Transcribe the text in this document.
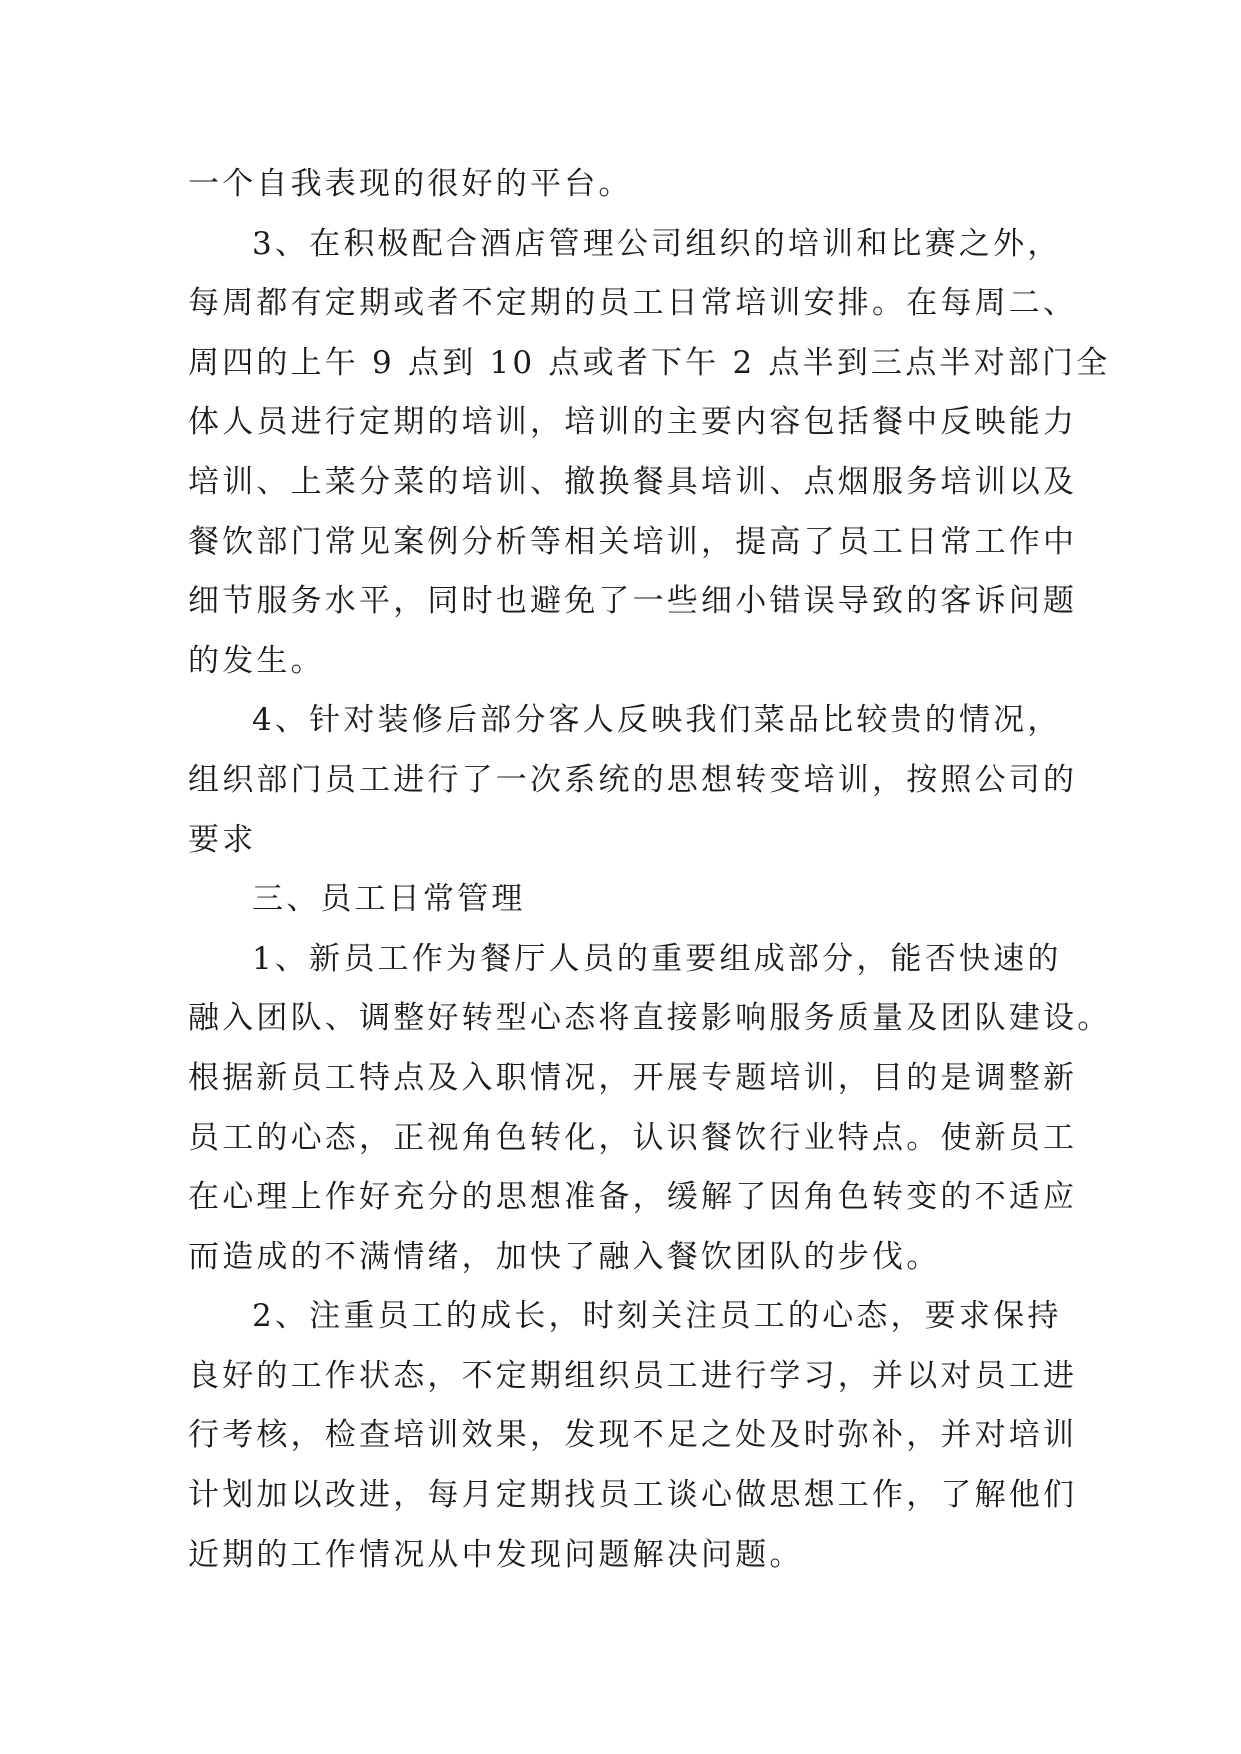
一个自我表现的很好的平台。
3、在积极配合酒店管理公司组织的培训和比赛之外，
每周都有定期或者不定期的员工日常培训安排。在每周二、
周四的上午 9 点到 10 点或者下午 2 点半到三点半对部门全
体人员进行定期的培训，培训的主要内容包括餐中反映能力
培训、上菜分菜的培训、撤换餐具培训、点烟服务培训以及
餐饮部门常见案例分析等相关培训，提高了员工日常工作中
细节服务水平，同时也避免了一些细小错误导致的客诉问题
的发生。
4、针对装修后部分客人反映我们菜品比较贵的情况，
组织部门员工进行了一次系统的思想转变培训，按照公司的
要求
三、员工日常管理
1、新员工作为餐厅人员的重要组成部分，能否快速的
融入团队、调整好转型心态将直接影响服务质量及团队建设。
根据新员工特点及入职情况，开展专题培训，目的是调整新
员工的心态，正视角色转化，认识餐饮行业特点。使新员工
在心理上作好充分的思想准备，缓解了因角色转变的不适应
而造成的不满情绪，加快了融入餐饮团队的步伐。
2、注重员工的成长，时刻关注员工的心态，要求保持
良好的工作状态，不定期组织员工进行学习，并以对员工进
行考核，检查培训效果，发现不足之处及时弥补，并对培训
计划加以改进，每月定期找员工谈心做思想工作，了解他们
近期的工作情况从中发现问题解决问题。
